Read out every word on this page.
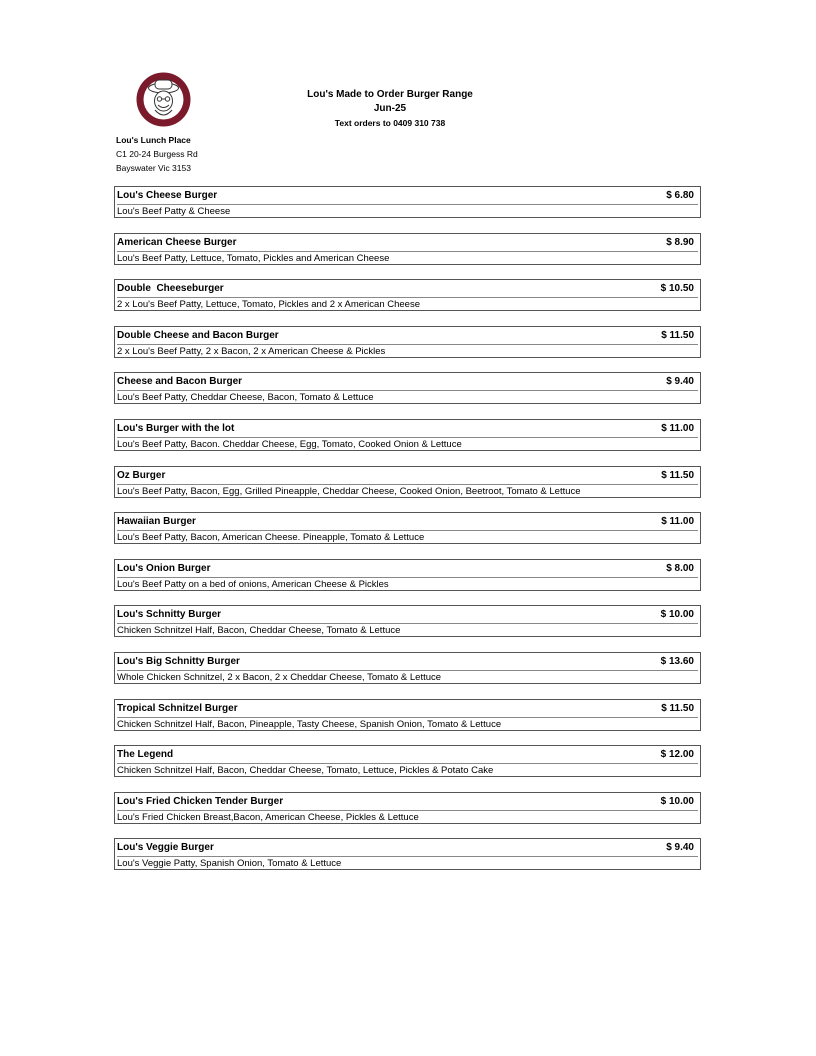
Lou's Made to Order Burger Range
Jun-25
Text orders to 0409 310 738
Lou's Lunch Place
C1 20-24 Burgess Rd
Bayswater Vic 3153
Lou's Cheese Burger	$ 6.80
Lou's Beef Patty & Cheese
American Cheese Burger	$ 8.90
Lou's Beef Patty, Lettuce, Tomato, Pickles and American Cheese
Double  Cheeseburger	$ 10.50
2 x Lou's Beef Patty, Lettuce, Tomato, Pickles and 2 x American Cheese
Double Cheese and Bacon Burger	$ 11.50
2 x Lou's Beef Patty, 2 x Bacon, 2 x American Cheese & Pickles
Cheese and Bacon Burger	$ 9.40
Lou's Beef Patty, Cheddar Cheese, Bacon, Tomato & Lettuce
Lou's Burger with the lot	$ 11.00
Lou's Beef Patty, Bacon. Cheddar Cheese, Egg, Tomato, Cooked Onion & Lettuce
Oz Burger	$ 11.50
Lou's Beef Patty, Bacon, Egg, Grilled Pineapple, Cheddar Cheese, Cooked Onion, Beetroot, Tomato & Lettuce
Hawaiian Burger	$ 11.00
Lou's Beef Patty, Bacon, American Cheese. Pineapple, Tomato & Lettuce
Lou's Onion Burger	$ 8.00
Lou's Beef Patty on a bed of onions, American Cheese & Pickles
Lou's Schnitty Burger	$ 10.00
Chicken Schnitzel Half, Bacon, Cheddar Cheese, Tomato & Lettuce
Lou's Big Schnitty Burger	$ 13.60
Whole Chicken Schnitzel, 2 x Bacon, 2 x Cheddar Cheese, Tomato & Lettuce
Tropical Schnitzel Burger	$ 11.50
Chicken Schnitzel Half, Bacon, Pineapple, Tasty Cheese, Spanish Onion, Tomato & Lettuce
The Legend	$ 12.00
Chicken Schnitzel Half, Bacon, Cheddar Cheese, Tomato, Lettuce, Pickles & Potato Cake
Lou's Fried Chicken Tender Burger	$ 10.00
Lou's Fried Chicken Breast,Bacon, American Cheese, Pickles & Lettuce
Lou's Veggie Burger	$ 9.40
Lou's Veggie Patty, Spanish Onion, Tomato & Lettuce
